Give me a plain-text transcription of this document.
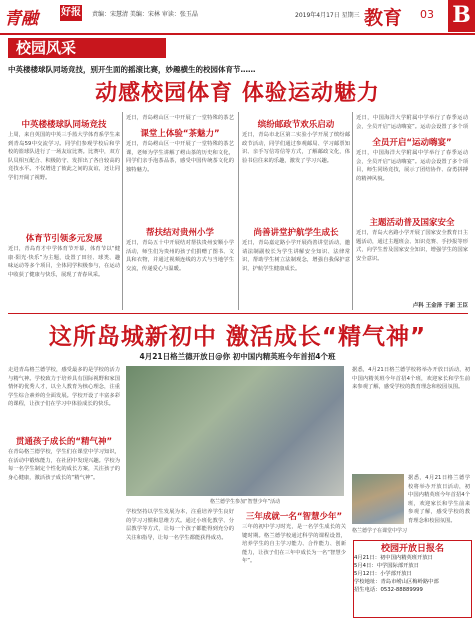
青融	好报 责编：宋慧清 美编：宋林 审读：张玉晶	2019年4月17日 星期三 教育 03 B
校园风采
中英楼楼球队同场竞技，别开生面的摇滚比赛，妙趣横生的校园体育节……
动感校园体育 体验运动魅力
中英楼楼球队同场竞技
上周，来自英国的中英三手篮大学体育系学生来到青岛59中交流学习。同学们参观学校后和学校的篮球队进行了一场友谊比赛。比赛中，双方队员相互配合、积极防守、发挥出了各自较高的竞技水平。不仅增进了彼此之间的友谊，还让同学们开阔了视野。
体育节引领多元发展
近日，青岛育才中学体育节开幕，体育节以“健康·阳光·快乐”为主题，设置了田径、球类、趣味运动等多个项目，全体同学积极参与，在运动中收获了健康与快乐，展现了青春风采。
近日，青岛崂山区一中开展了一堂特殊的茶艺
课堂上体验“茶魅力”
近日，青岛崂山区一中开展了一堂特殊的茶艺课，老师为学生讲解了崂山茶的历史和文化，同学们亲手泡茶品茶，感受中国传统茶文化的独特魅力。
帮扶结对贵州小学
近日，青岛五十中开展结对帮扶贵州安顺小学活动，师生们为贵州的孩子们捐赠了图书、文具和衣物，并通过视频连线的方式与当地学生交流，传递爱心与温暖。
缤纷邮政节欢乐启动
近日，青岛市北区第二实验小学开展了缤纷邮政节活动，同学们通过参观邮局、学习邮票知识、亲手写信寄信等方式，了解邮政文化，体验书信往来的乐趣，激发了学习兴趣。
尚善讲堂护航学生成长
近日，青岛嘉定路小学开展尚善讲堂活动，邀请法制副校长为学生讲解安全知识、法律常识，帮助学生树立法制观念，增强自我保护意识，护航学生健康成长。
近日，中国海洋大学附属中学举行了春季运动会，全员开启“运动嗨宴”。运动会设置了多个项
全员开启“运动嗨宴”
近日，中国海洋大学附属中学举行了春季运动会，全员开启“运动嗨宴”。运动会设置了多个项目，师生同场竞技，展示了团结协作、奋勇拼搏的精神风貌。
主题活动普及国家安全
近日，青岛大名路小学开展了国家安全教育日主题活动，通过主题班会、知识竞赛、手抄报等形式，向学生普及国家安全知识，增强学生的国家安全意识。
卢科 王金泽 于新 王臣
这所岛城新初中 激活成长“精气神”
4月21日格兰德开放日@你 初中国内精英班今年首招4个班
走进青岛格兰德学校，感受最多的是学校的活力与精气神。学校致力于培养具有国际视野和家国情怀的优秀人才，以全人教育为核心理念，注重学生综合素养的全面发展。学校开设了丰富多彩的课程，让孩子们在学习中体验成长的快乐。
贯通孩子成长的“精气神”
在青岛格兰德学校，学生们在课堂中学习知识，在活动中锻炼能力，在社团中发现兴趣。学校为每一名学生制定个性化的成长方案，关注孩子的身心健康，激活孩子成长的“精气神”。
格兰德学生参加“智慧少年”活动
学校坚持以学生发展为本，注重培养学生良好的学习习惯和思维方式。通过小班化教学、分层教学等方式，让每一个孩子都能得到充分的关注和指导，让每一名学生都能获得成功。
三年成就一名“智慧少年”
三年的初中学习时光，是一名学生成长的关键时期。格兰德学校通过科学的课程设置，培养学生的自主学习能力、合作能力、创新能力，让孩子们在三年中成长为一名“智慧少年”。
据悉，4月21日格兰德学校将举办开放日活动，初中国内精英班今年首招4个班，欢迎家长和学生前来参观了解，感受学校的教育理念和校园氛围。
据悉，4月21日格兰德学校将举办开放日活动，初中国内精英班今年首招4个班，欢迎家长和学生前来参观了解，感受学校的教育理念和校园氛围。
格兰德学子在课堂中学习
校园开放日报名
4月21日：初中国内精英班开放日
5月4日：中学国际部开放日
5月12日：小学部开放日
学校地址：青岛市崂山区梅岭路中部
招生电话：0532-88889999
